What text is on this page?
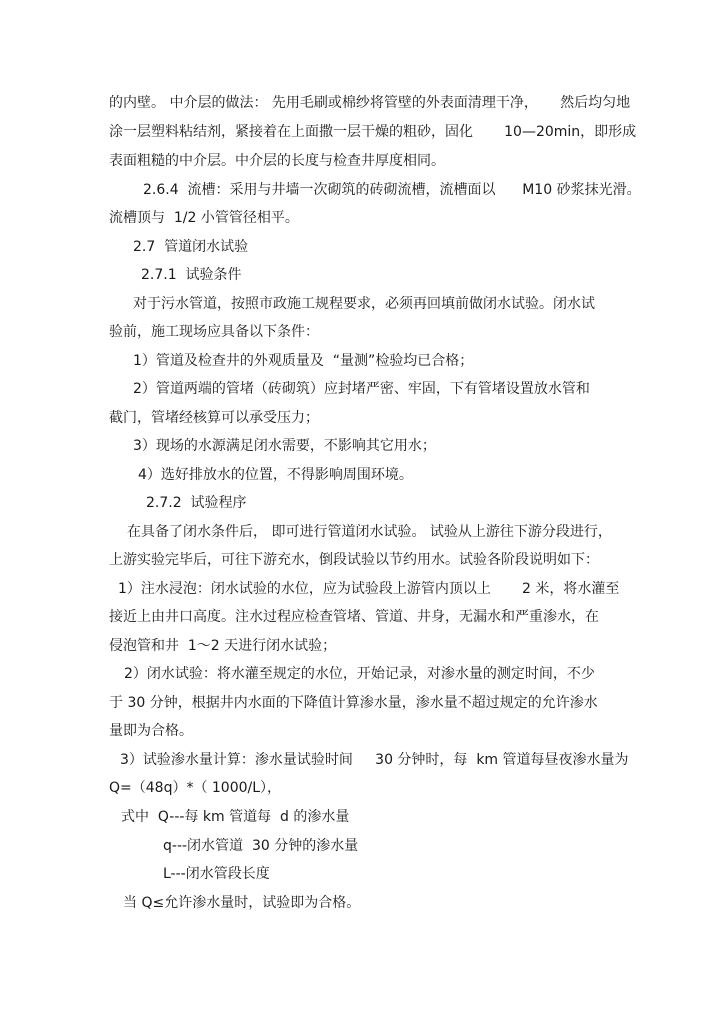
的内壁。 中介层的做法： 先用毛刷或棉纱将管壁的外表面清理干净，     然后均匀地
涂一层塑料粘结剂，紧接着在上面撒一层干燥的粗砂，固化       10—20min，即形成
表面粗糙的中介层。中介层的长度与检查井厚度相同。
2.6.4  流槽：采用与井墙一次砌筑的砖砌流槽，流槽面以      M10 砂浆抹光滑。
流槽顶与  1/2 小管管径相平。
2.7  管道闭水试验
2.7.1  试验条件
对于污水管道，按照市政施工规程要求，必须再回填前做闭水试验。闭水试
验前，施工现场应具备以下条件：
1）管道及检查井的外观质量及  “量测”检验均已合格；
2）管道两端的管堵（砖砌筑）应封堵严密、牢固，下有管堵设置放水管和
截门，管堵经核算可以承受压力；
3）现场的水源满足闭水需要，不影响其它用水；
4）选好排放水的位置，不得影响周围环境。
2.7.2  试验程序
在具备了闭水条件后， 即可进行管道闭水试验。 试验从上游往下游分段进行，
上游实验完毕后，可往下游充水，倒段试验以节约用水。试验各阶段说明如下：
1）注水浸泡：闭水试验的水位，应为试验段上游管内顶以上       2 米，将水灌至
接近上由井口高度。注水过程应检查管堵、管道、井身，无漏水和严重渗水，在
侵泡管和井  1～2 天进行闭水试验；
2）闭水试验：将水灌至规定的水位，开始记录，对渗水量的测定时间，不少
于 30 分钟，根据井内水面的下降值计算渗水量，渗水量不超过规定的允许渗水
量即为合格。
3）试验渗水量计算：渗水量试验时间     30 分钟时，每  km 管道每昼夜渗水量为
Q=（48q）*（ 1000/L），
式中  Q---每 km 管道每  d 的渗水量
q---闭水管道  30 分钟的渗水量
L---闭水管段长度
当 Q≤允许渗水量时，试验即为合格。
